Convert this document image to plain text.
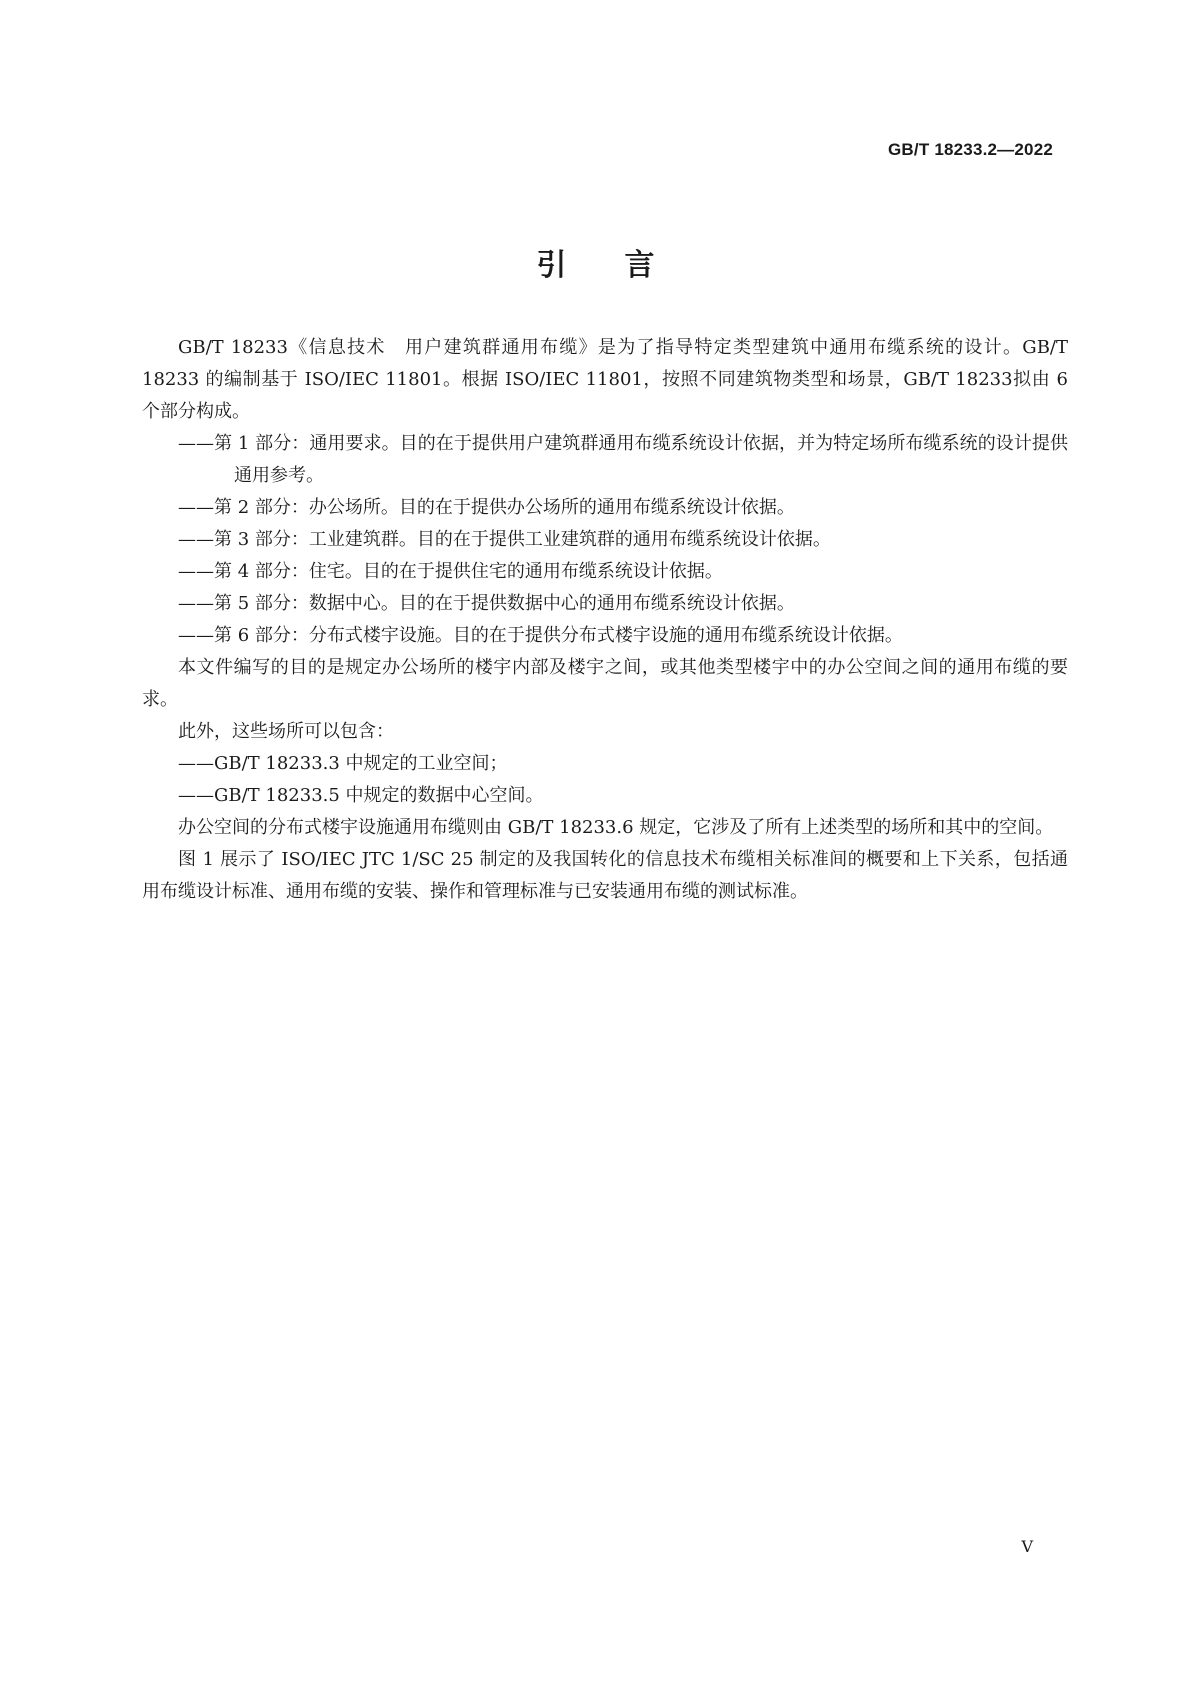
GB/T 18233.2—2022
引言

GB/T 18233《信息技术　用户建筑群通用布缆》是为了指导特定类型建筑中通用布缆系统的设计。GB/T 18233 的编制基于 ISO/IEC 11801。根据 ISO/IEC 11801，按照不同建筑物类型和场景，GB/T 18233拟由 6 个部分构成。

——第 1 部分：通用要求。目的在于提供用户建筑群通用布缆系统设计依据，并为特定场所布缆系统的设计提供通用参考。

——第 2 部分：办公场所。目的在于提供办公场所的通用布缆系统设计依据。

——第 3 部分：工业建筑群。目的在于提供工业建筑群的通用布缆系统设计依据。

——第 4 部分：住宅。目的在于提供住宅的通用布缆系统设计依据。

——第 5 部分：数据中心。目的在于提供数据中心的通用布缆系统设计依据。

——第 6 部分：分布式楼宇设施。目的在于提供分布式楼宇设施的通用布缆系统设计依据。

本文件编写的目的是规定办公场所的楼宇内部及楼宇之间，或其他类型楼宇中的办公空间之间的通用布缆的要求。

此外，这些场所可以包含：

——GB/T 18233.3 中规定的工业空间；

——GB/T 18233.5 中规定的数据中心空间。

办公空间的分布式楼宇设施通用布缆则由 GB/T 18233.6 规定，它涉及了所有上述类型的场所和其中的空间。

图 1 展示了 ISO/IEC JTC 1/SC 25 制定的及我国转化的信息技术布缆相关标准间的概要和上下关系，包括通用布缆设计标准、通用布缆的安装、操作和管理标准与已安装通用布缆的测试标准。

V
